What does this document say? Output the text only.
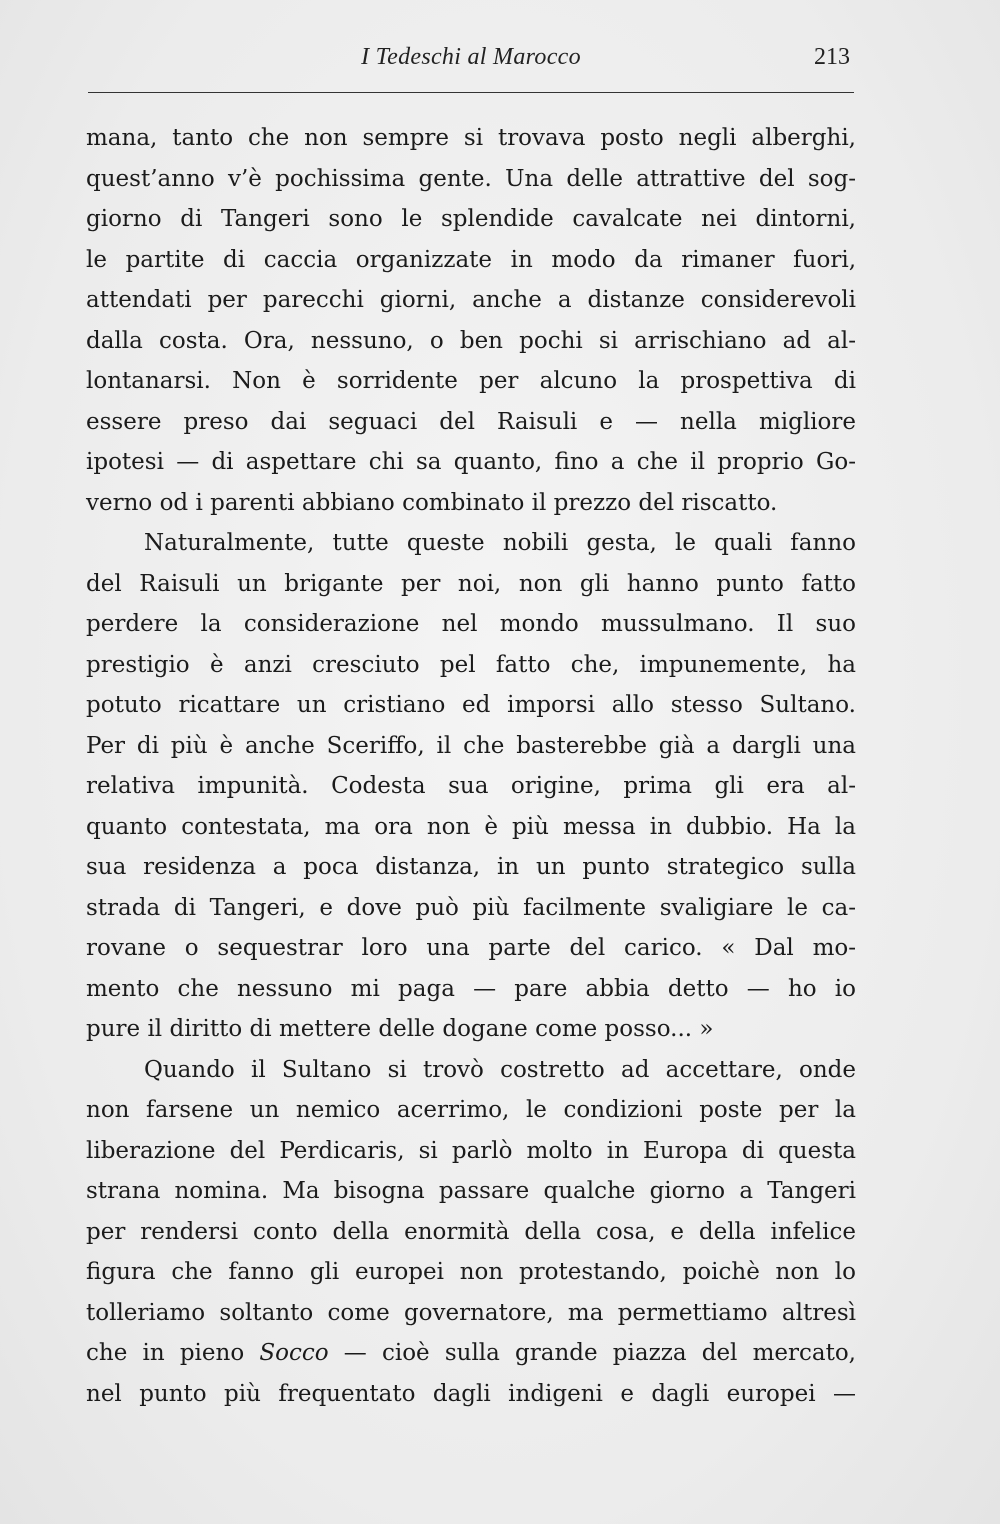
I Tedeschi al Marocco	213
mana, tanto che non sempre si trovava posto negli alberghi,
quest’anno v’è pochissima gente. Una delle attrattive del sog-
giorno di Tangeri sono le splendide cavalcate nei dintorni,
le partite di caccia organizzate in modo da rimaner fuori,
attendati per parecchi giorni, anche a distanze considerevoli
dalla costa. Ora, nessuno, o ben pochi si arrischiano ad al-
lontanarsi. Non è sorridente per alcuno la prospettiva di
essere preso dai seguaci del Raisuli e — nella migliore
ipotesi — di aspettare chi sa quanto, fino a che il proprio Go-
verno od i parenti abbiano combinato il prezzo del riscatto.
Naturalmente, tutte queste nobili gesta, le quali fanno
del Raisuli un brigante per noi, non gli hanno punto fatto
perdere la considerazione nel mondo mussulmano. Il suo
prestigio è anzi cresciuto pel fatto che, impunemente, ha
potuto ricattare un cristiano ed imporsi allo stesso Sultano.
Per di più è anche Sceriffo, il che basterebbe già a dargli una
relativa impunità. Codesta sua origine, prima gli era al-
quanto contestata, ma ora non è più messa in dubbio. Ha la
sua residenza a poca distanza, in un punto strategico sulla
strada di Tangeri, e dove può più facilmente svaligiare le ca-
rovane o sequestrar loro una parte del carico. « Dal mo-
mento che nessuno mi paga — pare abbia detto — ho io
pure il diritto di mettere delle dogane come posso... »
Quando il Sultano si trovò costretto ad accettare, onde
non farsene un nemico acerrimo, le condizioni poste per la
liberazione del Perdicaris, si parlò molto in Europa di questa
strana nomina. Ma bisogna passare qualche giorno a Tangeri
per rendersi conto della enormità della cosa, e della infelice
figura che fanno gli europei non protestando, poichè non lo
tolleriamo soltanto come governatore, ma permettiamo altresì
che in pieno Socco — cioè sulla grande piazza del mercato,
nel punto più frequentato dagli indigeni e dagli europei —
